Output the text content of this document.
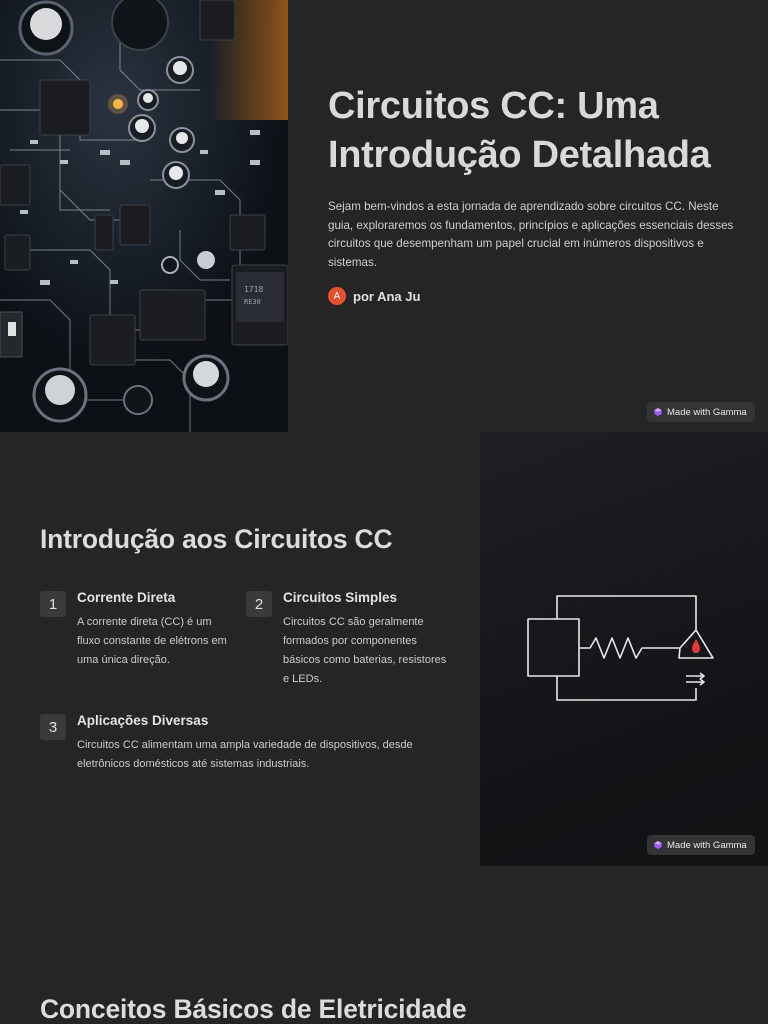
1718
RE30
Circuitos CC: Uma Introdução Detalhada

Sejam bem-vindos a esta jornada de aprendizado sobre circuitos CC. Neste guia, exploraremos os fundamentos, princípios e aplicações essenciais desses circuitos que desempenham um papel crucial em inúmeros dispositivos e sistemas.

A por Ana Ju
Made with Gamma
Introdução aos Circuitos CC
1	Corrente Direta

A corrente direta (CC) é um fluxo constante de elétrons em uma única direção.

2	Circuitos Simples

Circuitos CC são geralmente formados por componentes básicos como baterias, resistores e LEDs.

3	Aplicações Diversas

Circuitos CC alimentam uma ampla variedade de dispositivos, desde eletrônicos domésticos até sistemas industriais.

Made with Gamma
Conceitos Básicos de Eletricidade
